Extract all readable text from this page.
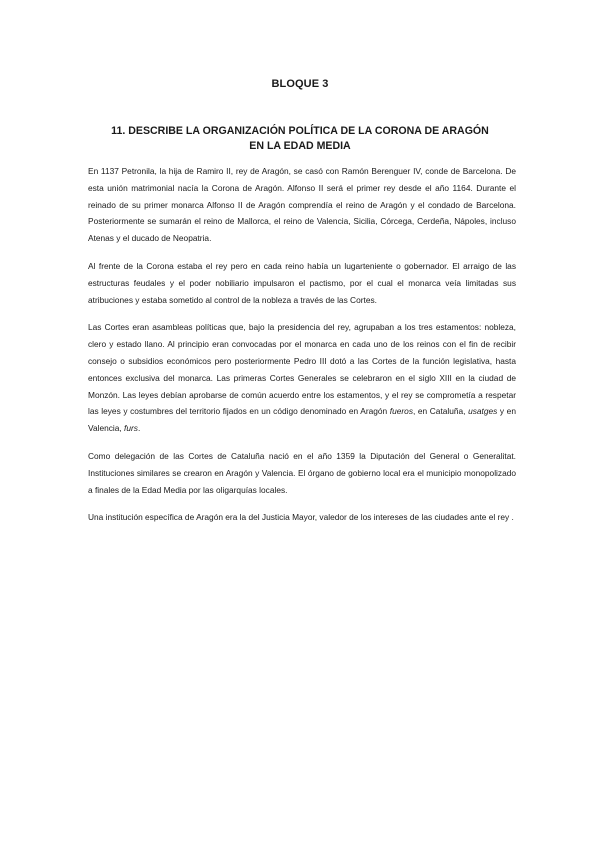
BLOQUE 3
11. DESCRIBE LA ORGANIZACIÓN POLÍTICA DE LA CORONA DE ARAGÓN
EN LA EDAD MEDIA

En 1137 Petronila, la hija de Ramiro II, rey de Aragón, se casó con Ramón Berenguer IV, conde de Barcelona. De esta unión matrimonial nacía la Corona de Aragón. Alfonso II será el primer rey desde el año 1164. Durante el reinado de su primer monarca Alfonso II de Aragón comprendía el reino de Aragón y el condado de Barcelona. Posteriormente se sumarán el reino de Mallorca, el reino de Valencia, Sicilia, Córcega, Cerdeña, Nápoles, incluso Atenas y el ducado de Neopatria.

Al frente de la Corona estaba el rey pero en cada reino había un lugarteniente o gobernador. El arraigo de las estructuras feudales y el poder nobiliario impulsaron el pactismo, por el cual el monarca veía limitadas sus atribuciones y estaba sometido al control de la nobleza a través de las Cortes.

Las Cortes eran asambleas políticas que, bajo la presidencia del rey, agrupaban a los tres estamentos: nobleza, clero y estado llano. Al principio eran convocadas por el monarca en cada uno de los reinos con el fin de recibir consejo o subsidios económicos pero posteriormente Pedro III dotó a las Cortes de la función legislativa, hasta entonces exclusiva del monarca. Las primeras Cortes Generales se celebraron en el siglo XIII en la ciudad de Monzón. Las leyes debían aprobarse de común acuerdo entre los estamentos, y el rey se comprometía a respetar las leyes y costumbres del territorio fijados en un código denominado en Aragón fueros, en Cataluña, usatges y en Valencia, furs.

Como delegación de las Cortes de Cataluña nació en el año 1359 la Diputación del General o Generalitat. Instituciones similares se crearon en Aragón y Valencia. El órgano de gobierno local era el municipio monopolizado a finales de la Edad Media por las oligarquías locales.

Una institución específica de Aragón era la del Justicia Mayor, valedor de los intereses de las ciudades ante el rey .
